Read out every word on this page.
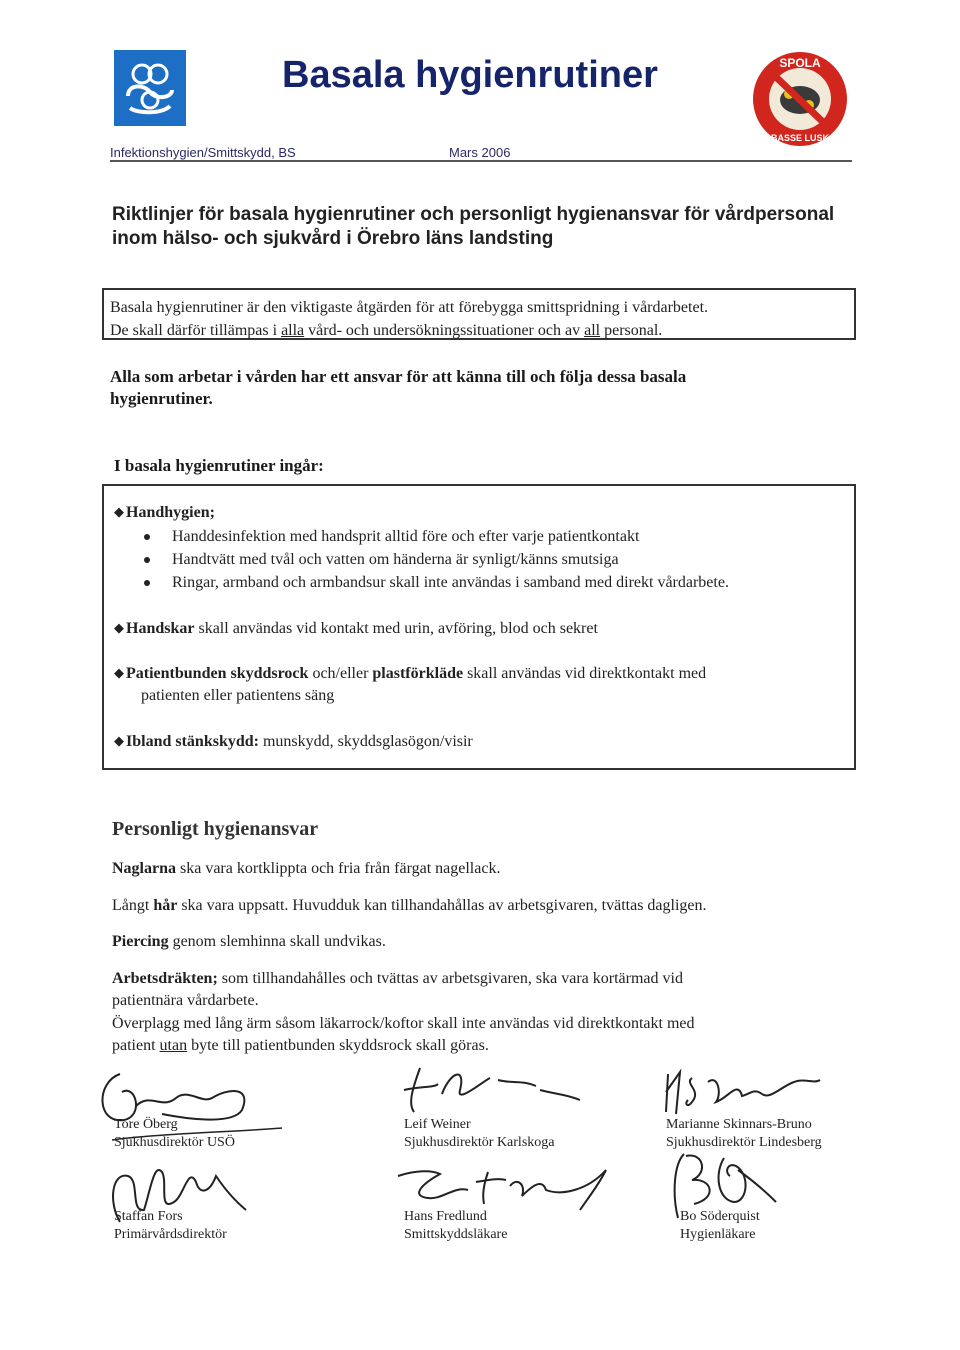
Basala hygienrutiner	SPOLA
BASSE LUSK
Infektionshygien/Smittskydd, BS	Mars 2006
Riktlinjer för basala hygienrutiner och personligt hygienansvar för vårdpersonal
inom hälso- och sjukvård i Örebro läns landsting
Basala hygienrutiner är den viktigaste åtgärden för att förebygga smittspridning i vårdarbetet.
De skall därför tillämpas i alla vård- och undersökningssituationer och av all personal.
Alla som arbetar i vården har ett ansvar för att känna till och följa dessa basala
hygienrutiner.
I basala hygienrutiner ingår:
◆ Handhygien;
Handdesinfektion med handsprit alltid före och efter varje patientkontakt
Handtvätt med tvål och vatten om händerna är synligt/känns smutsiga
Ringar, armband och armbandsur skall inte användas i samband med direkt vårdarbete.
◆ Handskar skall användas vid kontakt med urin, avföring, blod och sekret
◆ Patientbunden skyddsrock och/eller plastförkläde skall användas vid direktkontakt med
patienten eller patientens säng
◆ Ibland stänkskydd: munskydd, skyddsglasögon/visir
Personligt hygienansvar
Naglarna ska vara kortklippta och fria från färgat nagellack.
Långt hår ska vara uppsatt. Huvudduk kan tillhandahållas av arbetsgivaren, tvättas dagligen.
Piercing genom slemhinna skall undvikas.
Arbetsdräkten; som tillhandahålles och tvättas av arbetsgivaren, ska vara kortärmad vid
patientnära vårdarbete.
Överplagg med lång ärm såsom läkarrock/koftor skall inte användas vid direktkontakt med
patient utan byte till patientbunden skyddsrock skall göras.
Tore Öberg
Sjukhusdirektör USÖ
Leif Weiner
Sjukhusdirektör Karlskoga
Marianne Skinnars-Bruno
Sjukhusdirektör Lindesberg
Staffan Fors
Primärvårdsdirektör
Hans Fredlund
Smittskyddsläkare
Bo Söderquist
Hygienläkare
